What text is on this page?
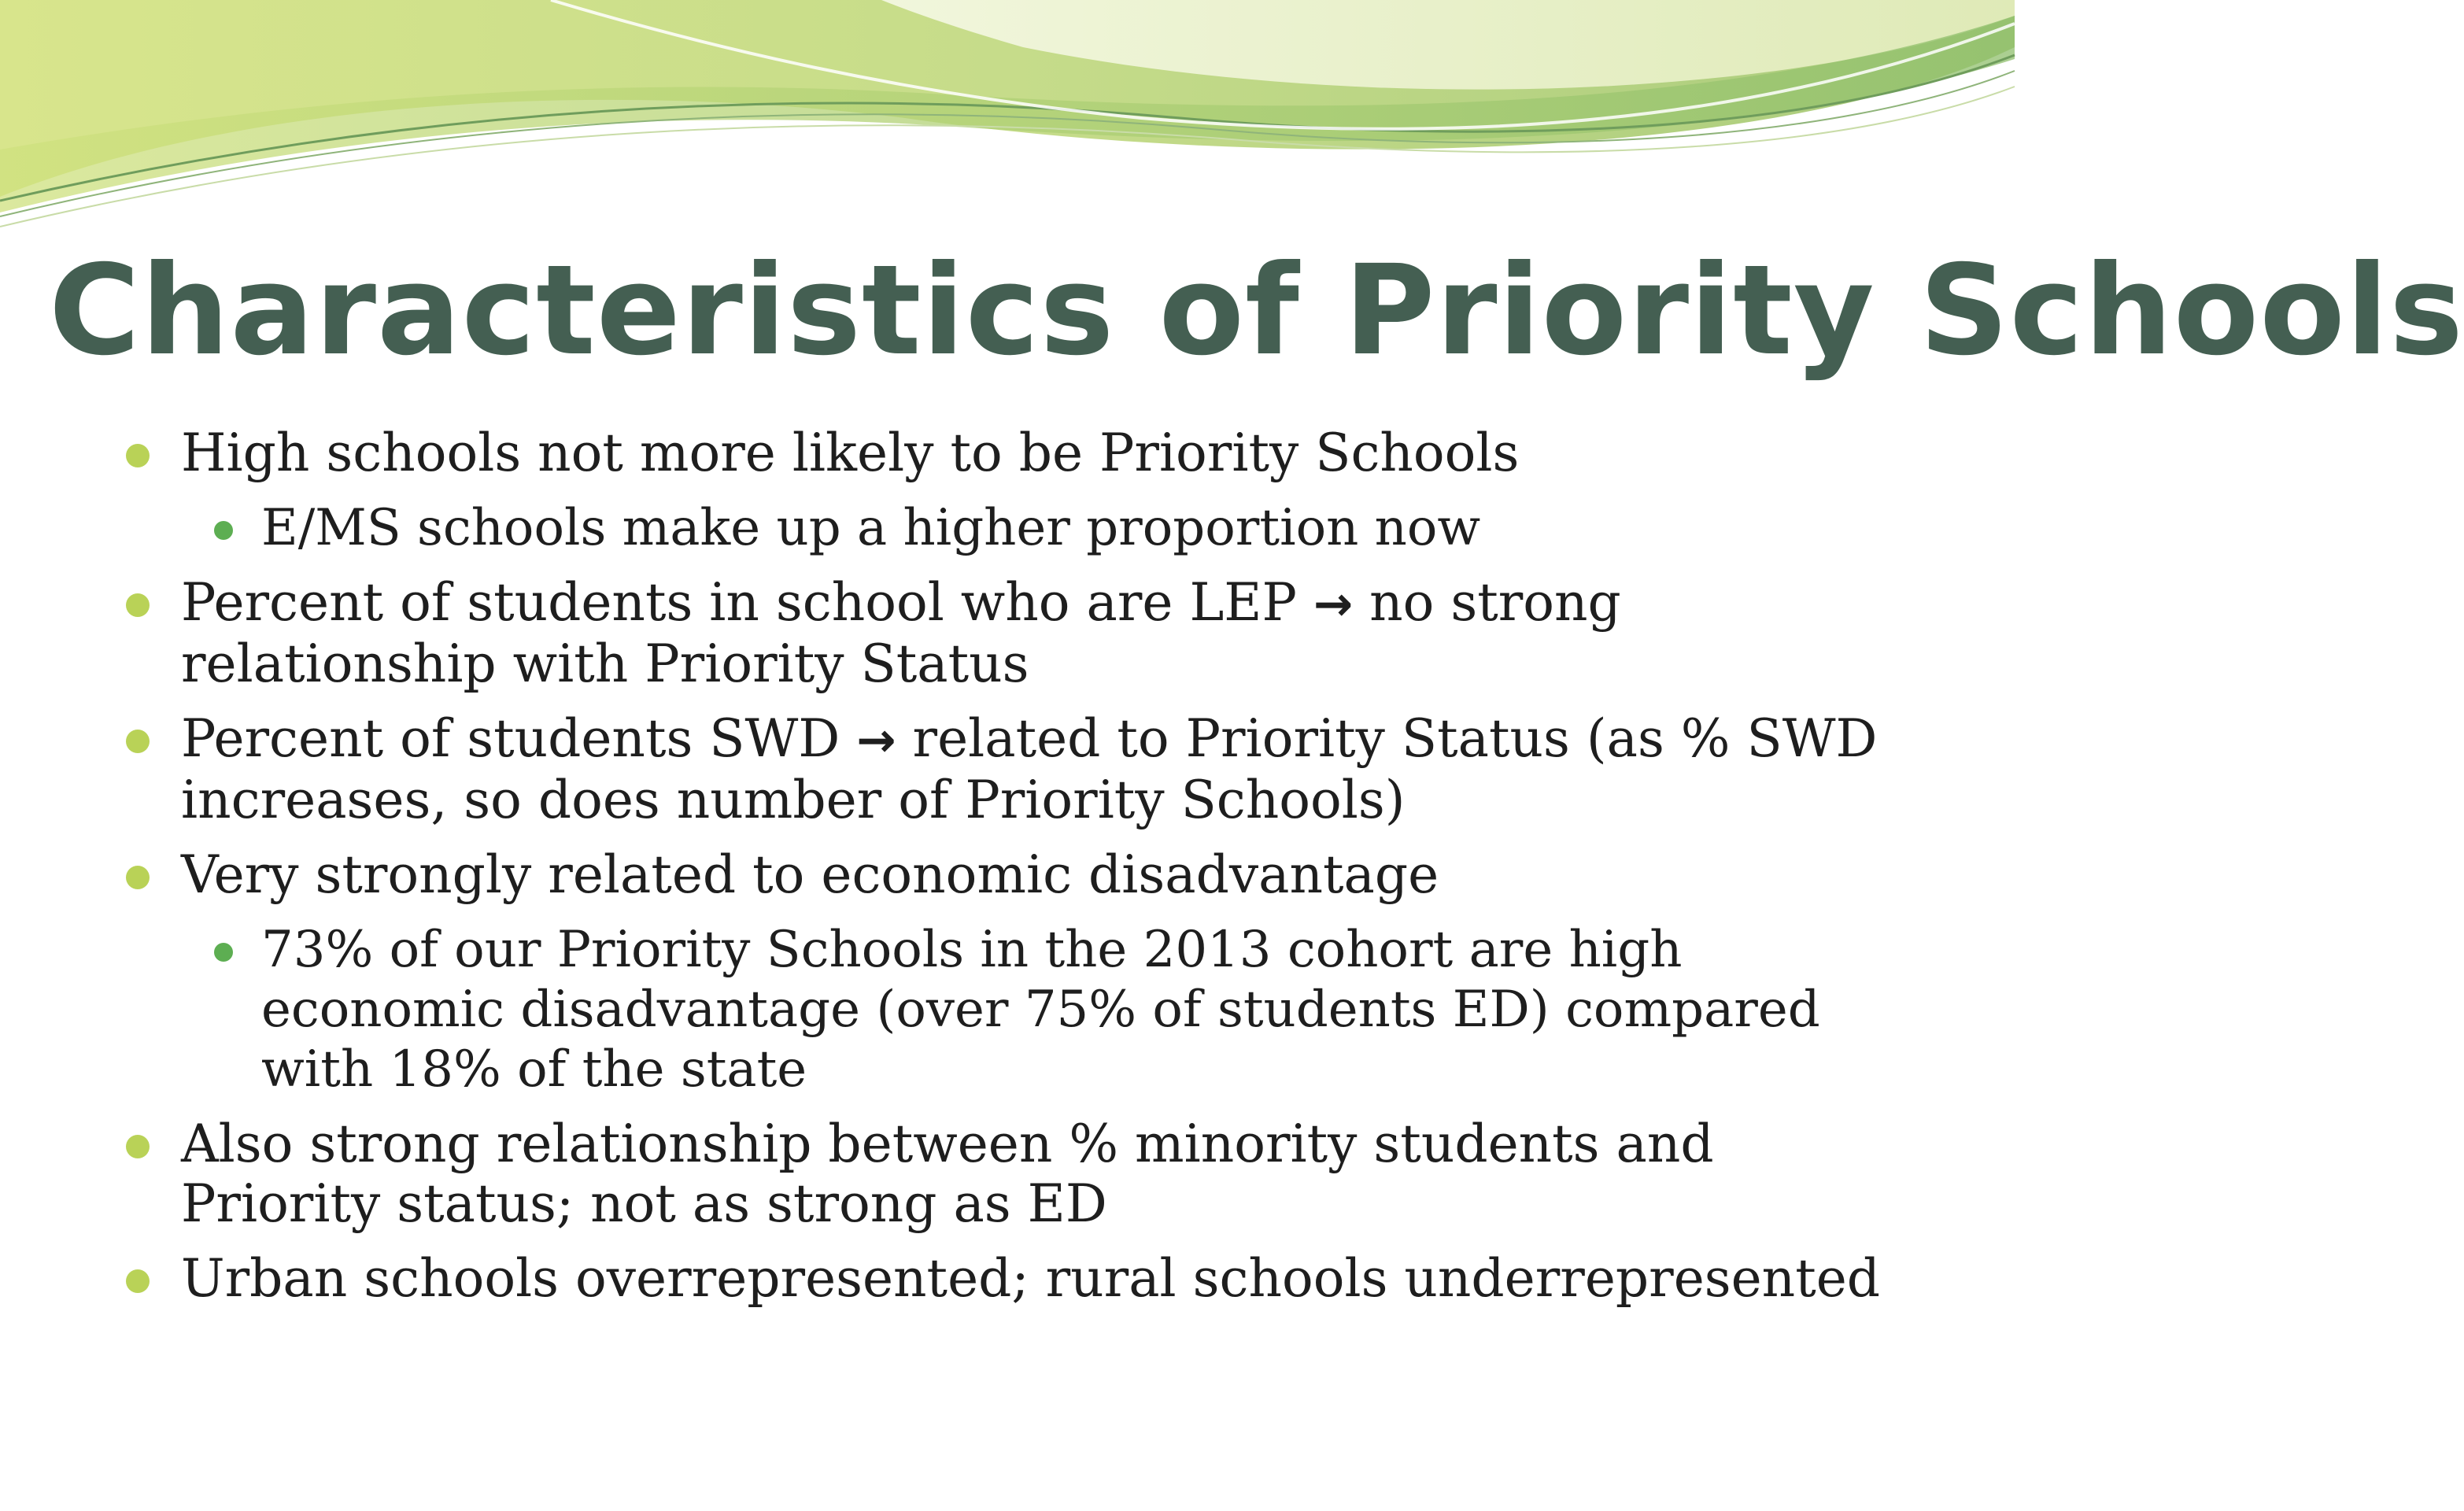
Characteristics of Priority Schools
High schools not more likely to be Priority Schools
E/MS schools make up a higher proportion now
Percent of students in school who are LEP → no strong relationship with Priority Status
Percent of students SWD → related to Priority Status (as % SWD increases, so does number of Priority Schools)
Very strongly related to economic disadvantage
73% of our Priority Schools in the 2013 cohort are high economic disadvantage (over 75% of students ED) compared with 18% of the state
Also strong relationship between % minority students and Priority status; not as strong as ED
Urban schools overrepresented; rural schools underrepresented
